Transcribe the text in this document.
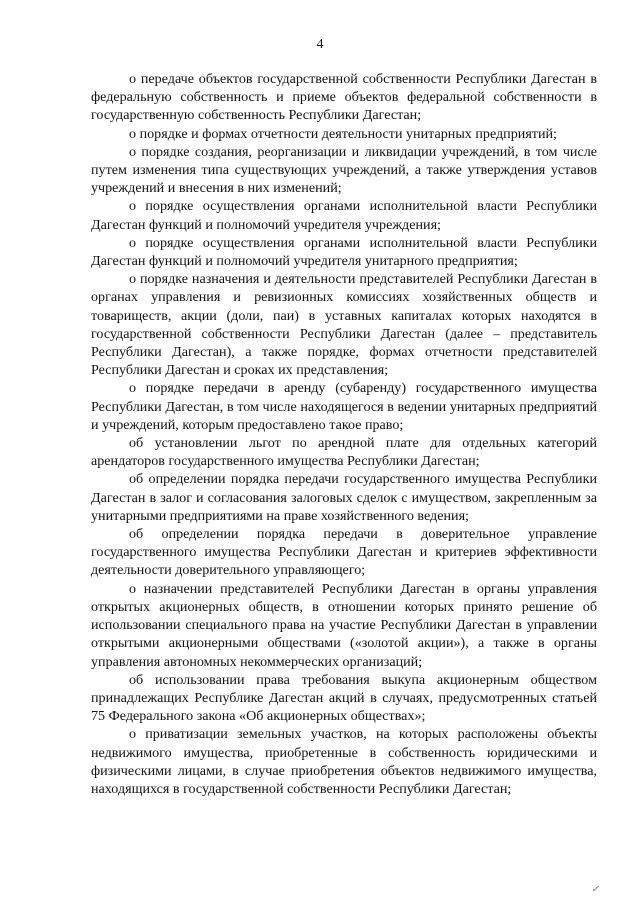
4

о передаче объектов государственной собственности Республики Дагестан в федеральную собственность и приеме объектов федеральной собственности в государственную собственность Республики Дагестан;

о порядке и формах отчетности деятельности унитарных предприятий;

о порядке создания, реорганизации и ликвидации учреждений, в том числе путем изменения типа существующих учреждений, а также утверждения уставов учреждений и внесения в них изменений;

о порядке осуществления органами исполнительной власти Республики Дагестан функций и полномочий учредителя учреждения;

о порядке осуществления органами исполнительной власти Республики Дагестан функций и полномочий учредителя унитарного предприятия;

о порядке назначения и деятельности представителей Республики Дагестан в органах управления и ревизионных комиссиях хозяйственных обществ и товариществ, акции (доли, паи) в уставных капиталах которых находятся в государственной собственности Республики Дагестан (далее – представитель Республики Дагестан), а также порядке, формах отчетности представителей Республики Дагестан и сроках их представления;

о порядке передачи в аренду (субаренду) государственного имущества Республики Дагестан, в том числе находящегося в ведении унитарных предприятий и учреждений, которым предоставлено такое право;

об установлении льгот по арендной плате для отдельных категорий арендаторов государственного имущества Республики Дагестан;

об определении порядка передачи государственного имущества Республики Дагестан в залог и согласования залоговых сделок с имуществом, закрепленным за унитарными предприятиями на праве хозяйственного ведения;

об определении порядка передачи в доверительное управление государственного имущества Республики Дагестан и критериев эффективности деятельности доверительного управляющего;

о назначении представителей Республики Дагестан в органы управления открытых акционерных обществ, в отношении которых принято решение об использовании специального права на участие Республики Дагестан в управлении открытыми акционерными обществами («золотой акции»), а также в органы управления автономных некоммерческих организаций;

об использовании права требования выкупа акционерным обществом принадлежащих Республике Дагестан акций в случаях, предусмотренных статьей 75 Федерального закона «Об акционерных обществах»;

о приватизации земельных участков, на которых расположены объекты недвижимого имущества, приобретенные в собственность юридическими и физическими лицами, в случае приобретения объектов недвижимого имущества, находящихся в государственной собственности Республики Дагестан;

✓
